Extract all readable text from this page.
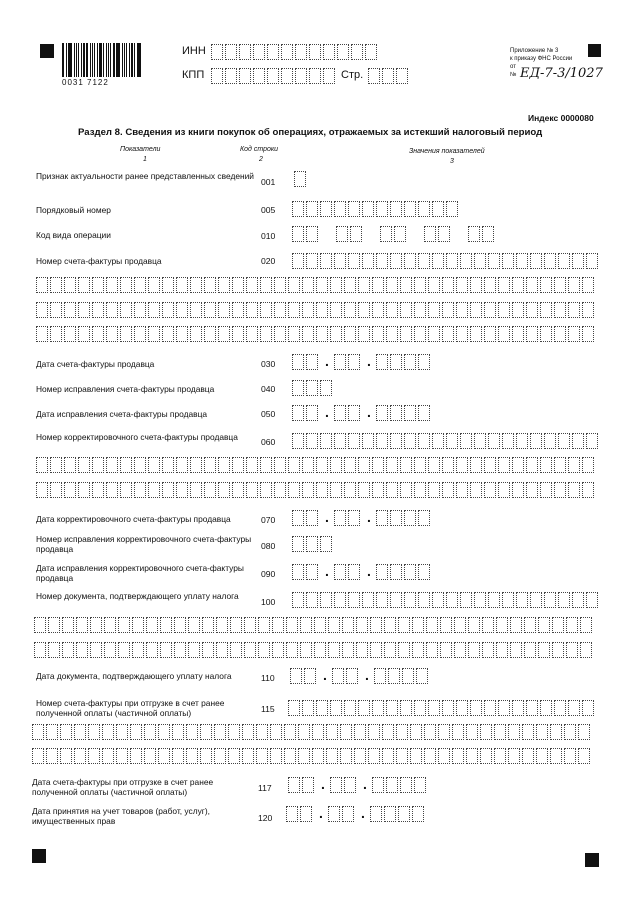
0031 7122
ИНН
КПП	Стр.
Приложение № 3
к приказу ФНС России
от
№ ЕД-7-3/1027
Индекс 0000080
Раздел 8. Сведения из книги покупок об операциях, отражаемых за истекший налоговый период
Показатели
1
Код строки
2
Значения показателей
3
Признак актуальности ранее представленных сведений
001
Порядковый номер	005
Код вида операции	010
Номер счета-фактуры продавца	020
Дата счета-фактуры продавца	030	.	.
Номер исправления счета-фактуры продавца	040
Дата исправления счета-фактуры продавца	050	.	.
Номер корректировочного счета-фактуры продавца	060
Дата корректировочного счета-фактуры продавца	070	.	.
Номер исправления корректировочного счета-фактуры продавца	080
Дата исправления корректировочного счета-фактуры продавца	090	.	.
Номер документа, подтверждающего уплату налога
100
Дата документа, подтверждающего уплату налога	110	.	.
Номер счета-фактуры при отгрузке в счет ранее полученной оплаты (частичной оплаты)	115
Дата счета-фактуры при отгрузке в счет ранее полученной оплаты (частичной оплаты)	117	.	.
Дата принятия на учет товаров (работ, услуг), имущественных прав	120	.	.
